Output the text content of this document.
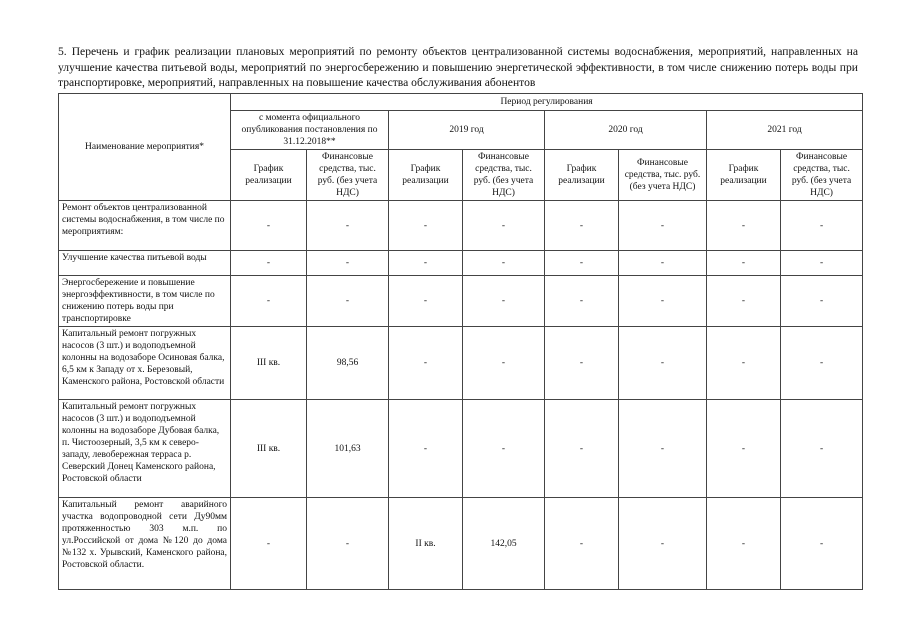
5. Перечень и график реализации плановых мероприятий по ремонту объектов централизованной системы водоснабжения, мероприятий, направленных на улучшение качества питьевой воды, мероприятий по энергосбережению и повышению энергетической эффективности, в том числе снижению потерь воды при транспортировке, мероприятий, направленных на повышение качества обслуживания абонентов
Наименование мероприятия*	Период регулирования							
	с момента официального опубликования постановления по 31.12.2018**		2019 год		2020 год		2021 год	
	График реализации	Финансовые средства, тыс. руб. (без учета НДС)	График реализации	Финансовые средства, тыс. руб. (без учета НДС)	График реализации	Финансовые средства, тыс. руб. (без учета НДС)	График реализации	Финансовые средства, тыс. руб. (без учета НДС)
Ремонт объектов централизованной системы водоснабжения, в том числе по мероприятиям:	-	-	-	-	-	-	-	-
Улучшение качества питьевой воды	-	-	-	-	-	-	-	-
Энергосбережение и повышение энергоэффективности, в том числе по снижению потерь воды при транспортировке	-	-	-	-	-	-	-	-
Капитальный ремонт погружных насосов (3 шт.) и водоподъемной колонны на водозаборе Осиновая балка, 6,5 км к Западу от х. Березовый, Каменского района, Ростовской области	III кв.	98,56	-	-	-	-	-	-
Капитальный ремонт погружных насосов (3 шт.) и водоподъемной колонны на водозаборе Дубовая балка, п. Чистоозерный, 3,5 км к северо-западу, левобережная терраса р. Северский Донец Каменского района, Ростовской области	III кв.	101,63	-	-	-	-	-	-
Капитальный ремонт аварийного участка водопроводной сети Ду90мм протяженностью 303 м.п. по ул.Российской от дома №120 до дома №132 х. Урывский, Каменского района, Ростовской области.	-	-	II кв.	142,05	-	-	-	-
